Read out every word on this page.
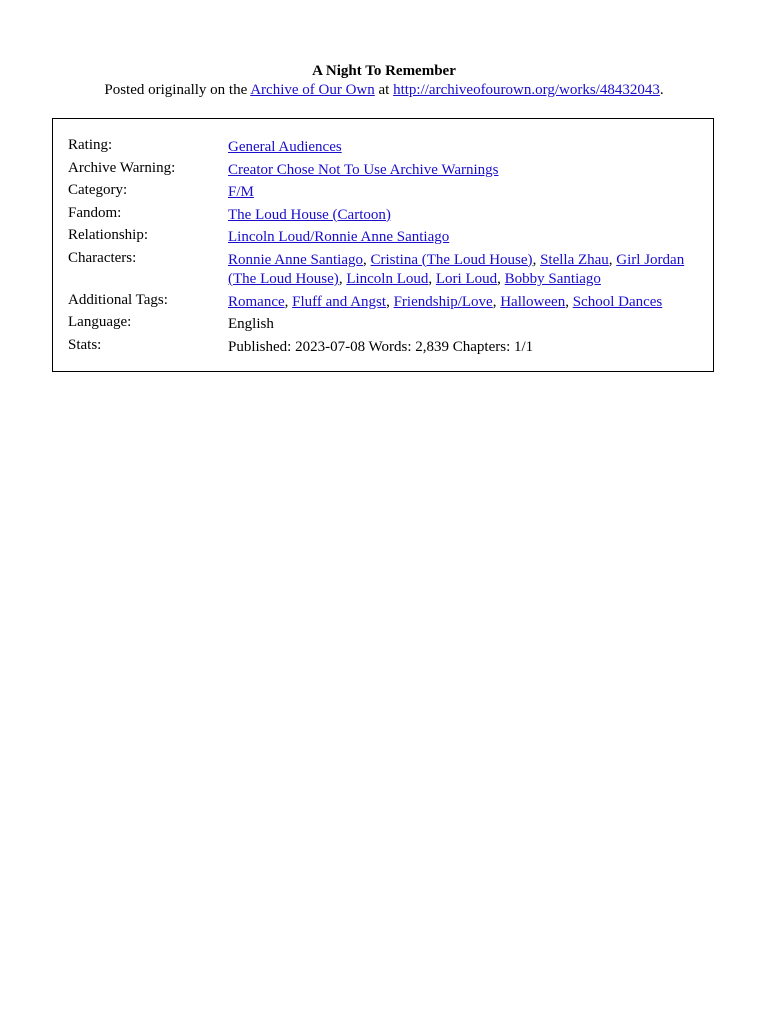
A Night To Remember

Posted originally on the Archive of Our Own at http://archiveofourown.org/works/48432043.

Rating:	General Audiences
Archive Warning:	Creator Chose Not To Use Archive Warnings
Category:	F/M
Fandom:	The Loud House (Cartoon)
Relationship:	Lincoln Loud/Ronnie Anne Santiago
Characters:	Ronnie Anne Santiago, Cristina (The Loud House), Stella Zhau, Girl Jordan (The Loud House), Lincoln Loud, Lori Loud, Bobby Santiago
Additional Tags:	Romance, Fluff and Angst, Friendship/Love, Halloween, School Dances
Language:	English
Stats:	Published: 2023-07-08 Words: 2,839 Chapters: 1/1
